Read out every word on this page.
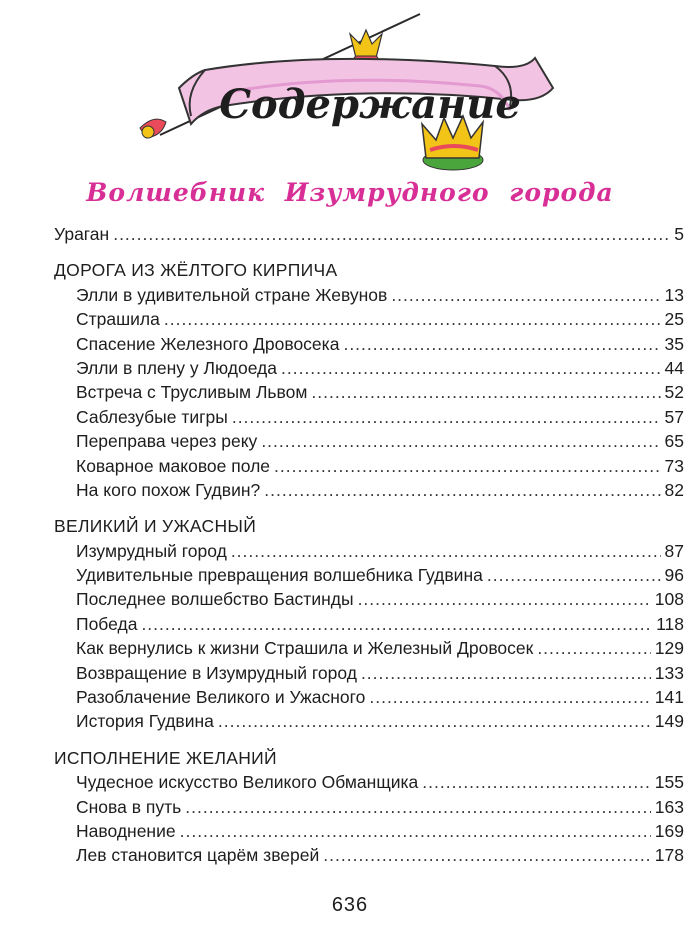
Содержание
Волшебник Изумрудного города
Ураган .....	5
ДОРОГА ИЗ ЖЁЛТОГО КИРПИЧА
Элли в удивительной стране Жевунов .....	13
Страшила .....	25
Спасение Железного Дровосека .....	35
Элли в плену у Людоеда .....	44
Встреча с Трусливым Львом .....	52
Саблезубые тигры .....	57
Переправа через реку .....	65
Коварное маковое поле .....	73
На кого похож Гудвин? .....	82
ВЕЛИКИЙ И УЖАСНЫЙ
Изумрудный город .....	87
Удивительные превращения волшебника Гудвина .....	96
Последнее волшебство Бастинды .....	108
Победа .....	118
Как вернулись к жизни Страшила и Железный Дровосек .....	129
Возвращение в Изумрудный город .....	133
Разоблачение Великого и Ужасного .....	141
История Гудвина .....	149
ИСПОЛНЕНИЕ ЖЕЛАНИЙ
Чудесное искусство Великого Обманщика .....	155
Снова в путь .....	163
Наводнение .....	169
Лев становится царём зверей .....	178
636
